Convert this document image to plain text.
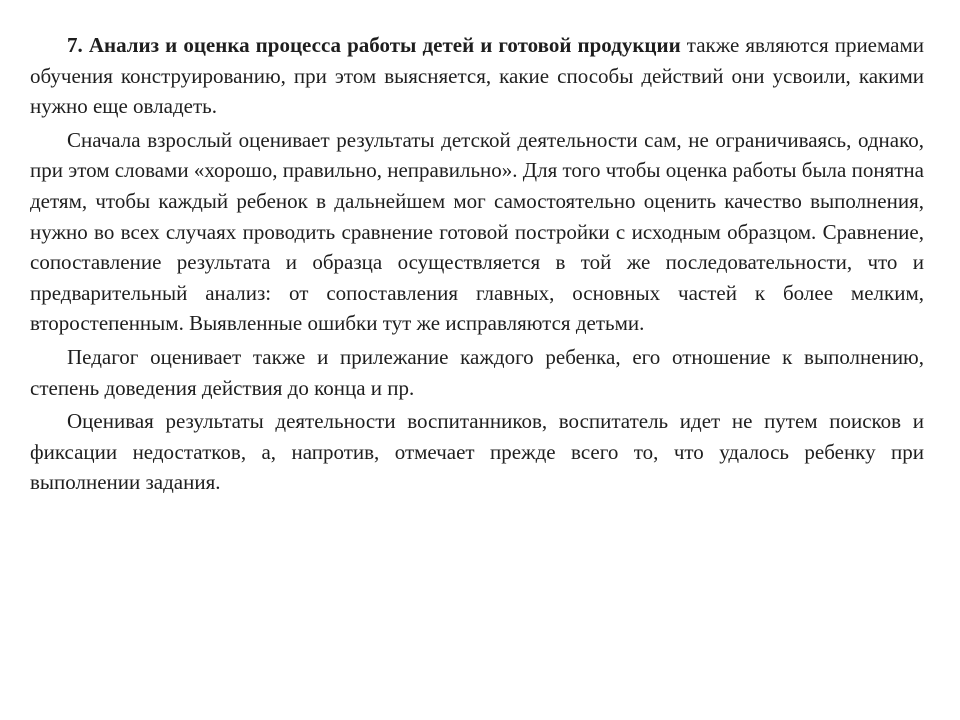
7. Анализ и оценка процесса работы детей и готовой продукции также являются приемами обучения конструированию, при этом выясняется, какие способы действий они усвоили, какими нужно еще овладеть.

Сначала взрослый оценивает результаты детской деятельности сам, не ограничиваясь, однако, при этом словами «хорошо, правильно, неправильно». Для того чтобы оценка работы была понятна детям, чтобы каждый ребенок в дальнейшем мог самостоятельно оценить качество выполнения, нужно во всех случаях проводить сравнение готовой постройки с исходным образцом. Сравнение, сопоставление результата и образца осуществляется в той же последовательности, что и предварительный анализ: от сопоставления главных, основных частей к более мелким, второстепенным. Выявленные ошибки тут же исправляются детьми.

Педагог оценивает также и прилежание каждого ребенка, его отношение к выполнению, степень доведения действия до конца и пр.

Оценивая результаты деятельности воспитанников, воспитатель идет не путем поисков и фиксации недостатков, а, напротив, отмечает прежде всего то, что удалось ребенку при выполнении задания.
